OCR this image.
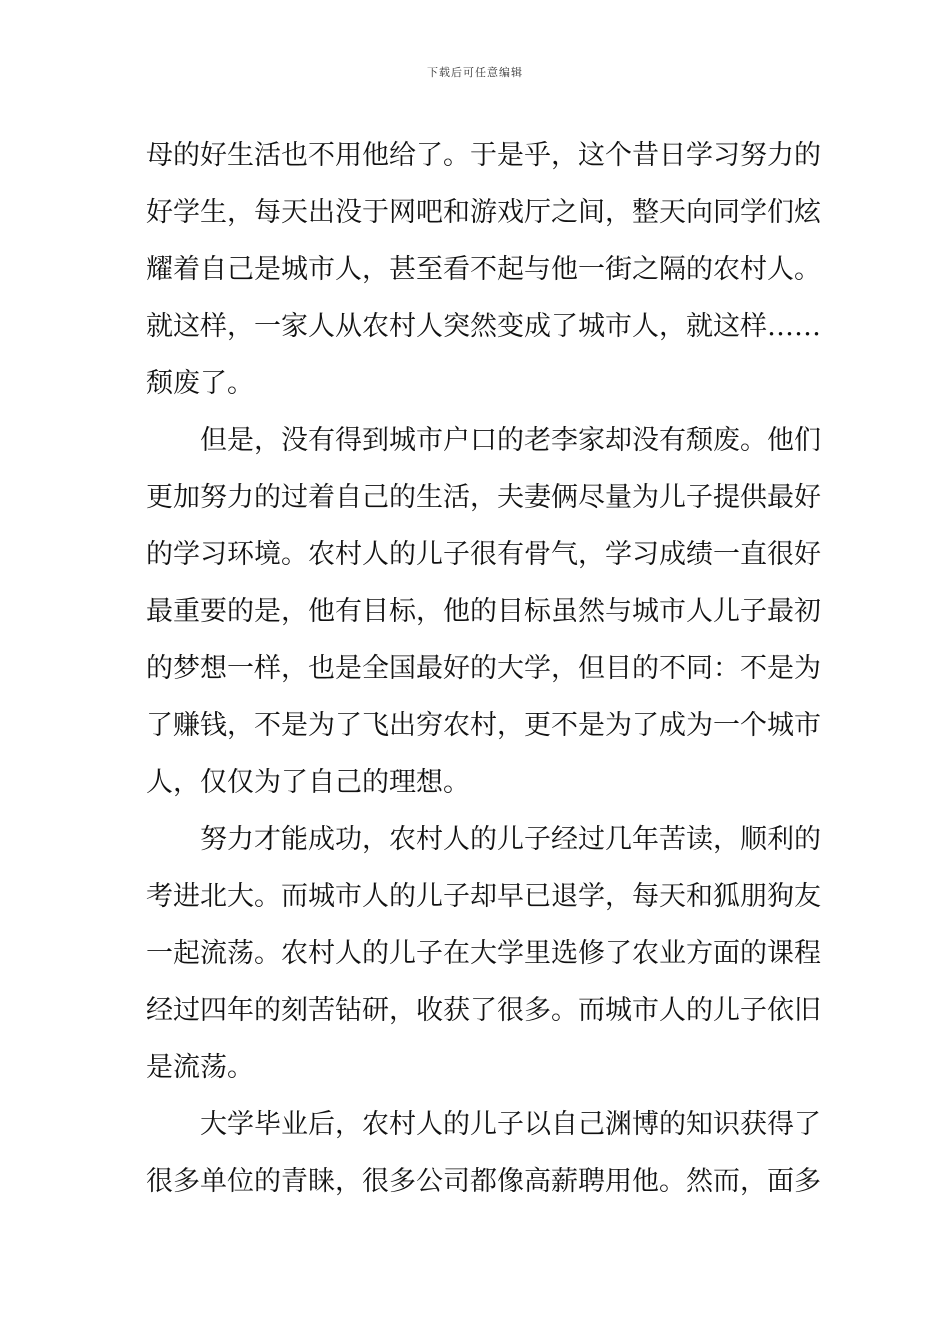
下载后可任意编辑
母的好生活也不用他给了。于是乎，这个昔日学习努力的
好学生，每天出没于网吧和游戏厅之间，整天向同学们炫
耀着自己是城市人，甚至看不起与他一街之隔的农村人。
就这样，一家人从农村人突然变成了城市人，就这样……
颓废了。
　　但是，没有得到城市户口的老李家却没有颓废。他们
更加努力的过着自己的生活，夫妻俩尽量为儿子提供最好
的学习环境。农村人的儿子很有骨气，学习成绩一直很好
最重要的是，他有目标，他的目标虽然与城市人儿子最初
的梦想一样，也是全国最好的大学，但目的不同：不是为
了赚钱，不是为了飞出穷农村，更不是为了成为一个城市
人，仅仅为了自己的理想。
　　努力才能成功，农村人的儿子经过几年苦读，顺利的
考进北大。而城市人的儿子却早已退学，每天和狐朋狗友
一起流荡。农村人的儿子在大学里选修了农业方面的课程
经过四年的刻苦钻研，收获了很多。而城市人的儿子依旧
是流荡。
　　大学毕业后，农村人的儿子以自己渊博的知识获得了
很多单位的青睐，很多公司都像高薪聘用他。然而，面多
